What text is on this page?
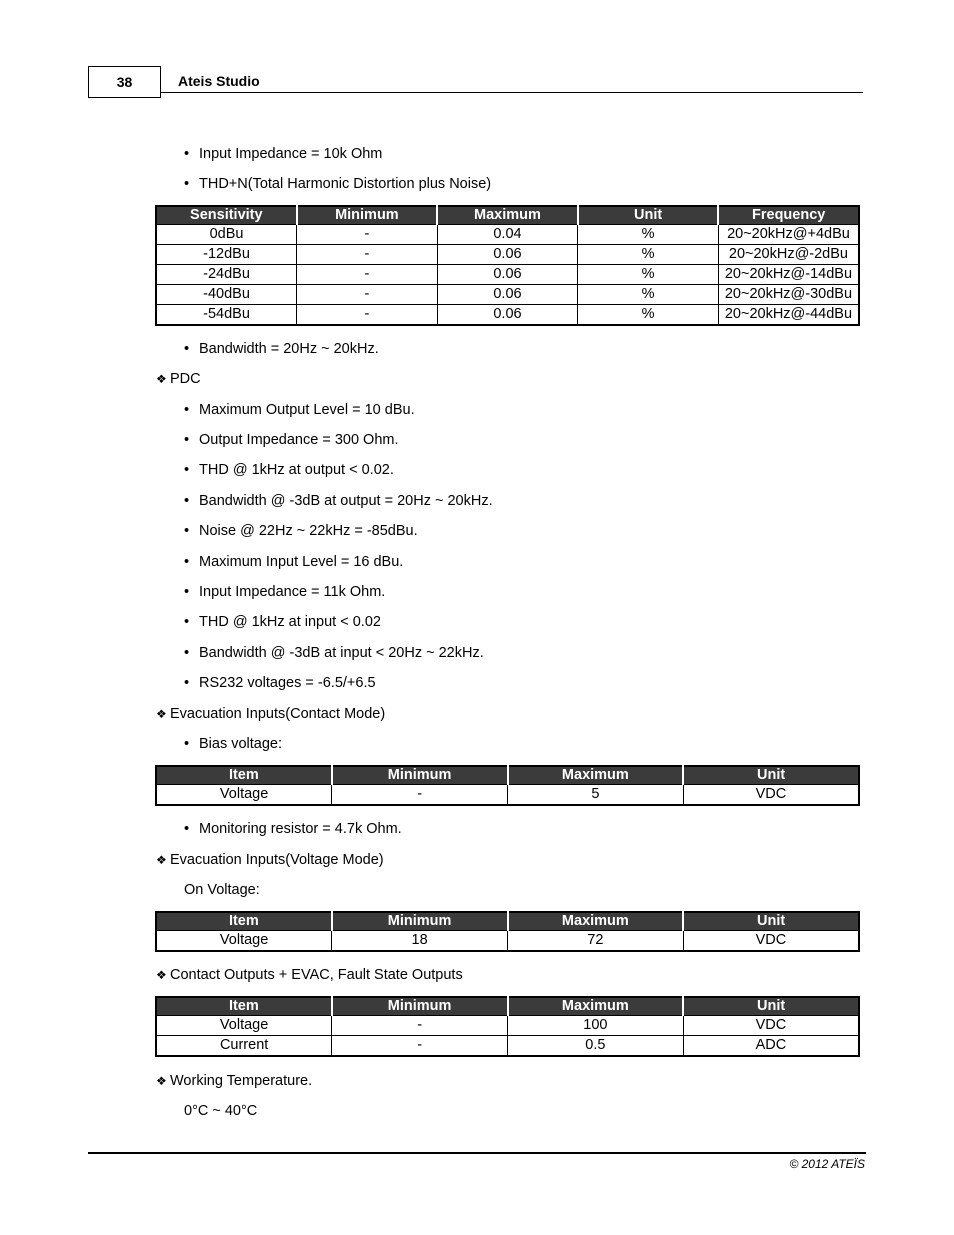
38	Ateis Studio
• Input Impedance = 10k Ohm
• THD+N(Total Harmonic Distortion plus Noise)
Sensitivity	Minimum	Maximum	Unit	Frequency
0dBu	-	0.04	%	20~20kHz@+4dBu
-12dBu	-	0.06	%	20~20kHz@-2dBu
-24dBu	-	0.06	%	20~20kHz@-14dBu
-40dBu	-	0.06	%	20~20kHz@-30dBu
-54dBu	-	0.06	%	20~20kHz@-44dBu
• Bandwidth = 20Hz ~ 20kHz.
❖ PDC
• Maximum Output Level = 10 dBu.
• Output Impedance = 300 Ohm.
• THD @ 1kHz at output < 0.02.
• Bandwidth @ -3dB at output = 20Hz ~ 20kHz.
• Noise @ 22Hz ~ 22kHz = -85dBu.
• Maximum Input Level = 16 dBu.
• Input Impedance = 11k Ohm.
• THD @ 1kHz at input < 0.02
• Bandwidth @ -3dB at input < 20Hz ~ 22kHz.
• RS232 voltages = -6.5/+6.5
❖ Evacuation Inputs(Contact Mode)
• Bias voltage:
Item	Minimum	Maximum	Unit
Voltage	-	5	VDC
• Monitoring resistor = 4.7k Ohm.
❖ Evacuation Inputs(Voltage Mode)
On Voltage:
Item	Minimum	Maximum	Unit
Voltage	18	72	VDC
❖ Contact Outputs + EVAC, Fault State Outputs
Item	Minimum	Maximum	Unit
Voltage	-	100	VDC
Current	-	0.5	ADC
❖ Working Temperature.
0°C ~ 40°C
© 2012 ATEÏS
